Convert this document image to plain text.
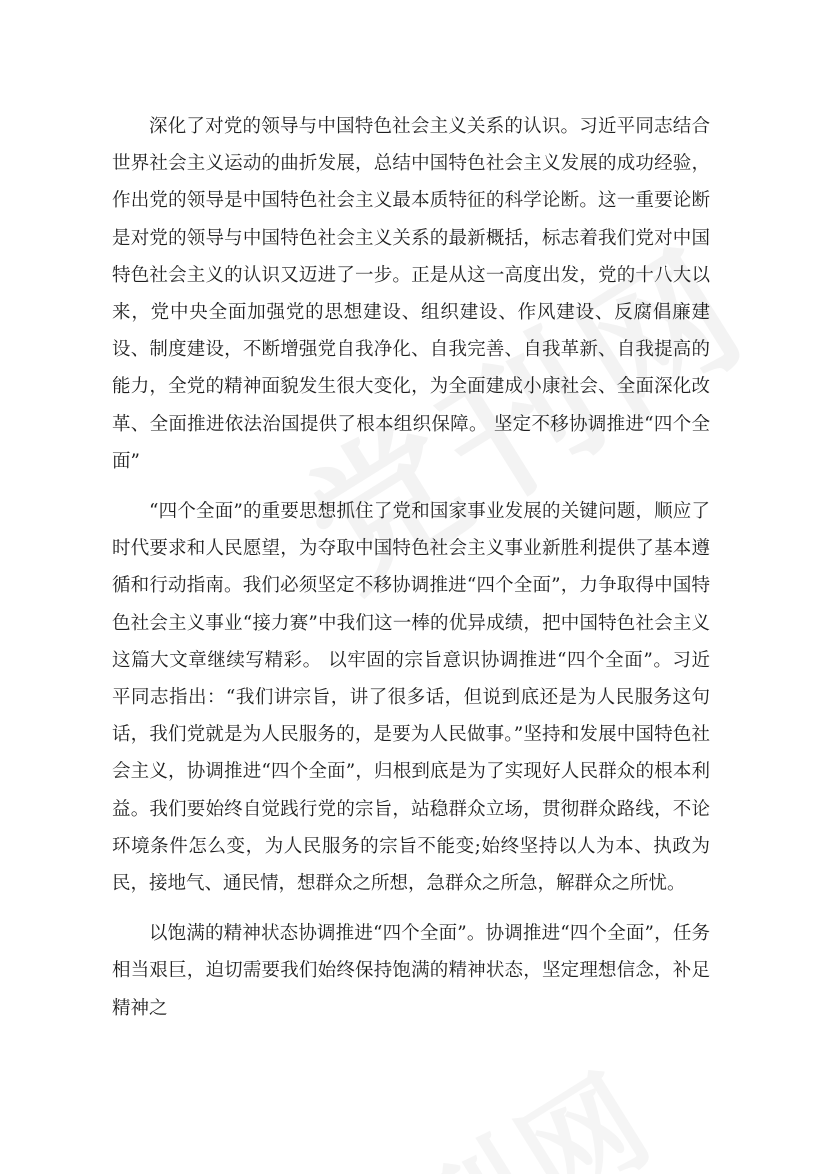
深化了对党的领导与中国特色社会主义关系的认识。习近平同志结合世界社会主义运动的曲折发展，总结中国特色社会主义发展的成功经验，作出党的领导是中国特色社会主义最本质特征的科学论断。这一重要论断是对党的领导与中国特色社会主义关系的最新概括，标志着我们党对中国特色社会主义的认识又迈进了一步。正是从这一高度出发，党的十八大以来，党中央全面加强党的思想建设、组织建设、作风建设、反腐倡廉建设、制度建设，不断增强党自我净化、自我完善、自我革新、自我提高的能力，全党的精神面貌发生很大变化，为全面建成小康社会、全面深化改革、全面推进依法治国提供了根本组织保障。 坚定不移协调推进“四个全面”

“四个全面”的重要思想抓住了党和国家事业发展的关键问题，顺应了时代要求和人民愿望，为夺取中国特色社会主义事业新胜利提供了基本遵循和行动指南。我们必须坚定不移协调推进“四个全面”，力争取得中国特色社会主义事业“接力赛”中我们这一棒的优异成绩，把中国特色社会主义这篇大文章继续写精彩。 以牢固的宗旨意识协调推进“四个全面”。习近平同志指出：“我们讲宗旨，讲了很多话，但说到底还是为人民服务这句话，我们党就是为人民服务的，是要为人民做事。”坚持和发展中国特色社会主义，协调推进“四个全面”，归根到底是为了实现好人民群众的根本利益。我们要始终自觉践行党的宗旨，站稳群众立场，贯彻群众路线，不论环境条件怎么变，为人民服务的宗旨不能变;始终坚持以人为本、执政为民，接地气、通民情，想群众之所想，急群众之所急，解群众之所忧。

以饱满的精神状态协调推进“四个全面”。协调推进“四个全面”，任务相当艰巨，迫切需要我们始终保持饱满的精神状态，坚定理想信念，补足精神之
